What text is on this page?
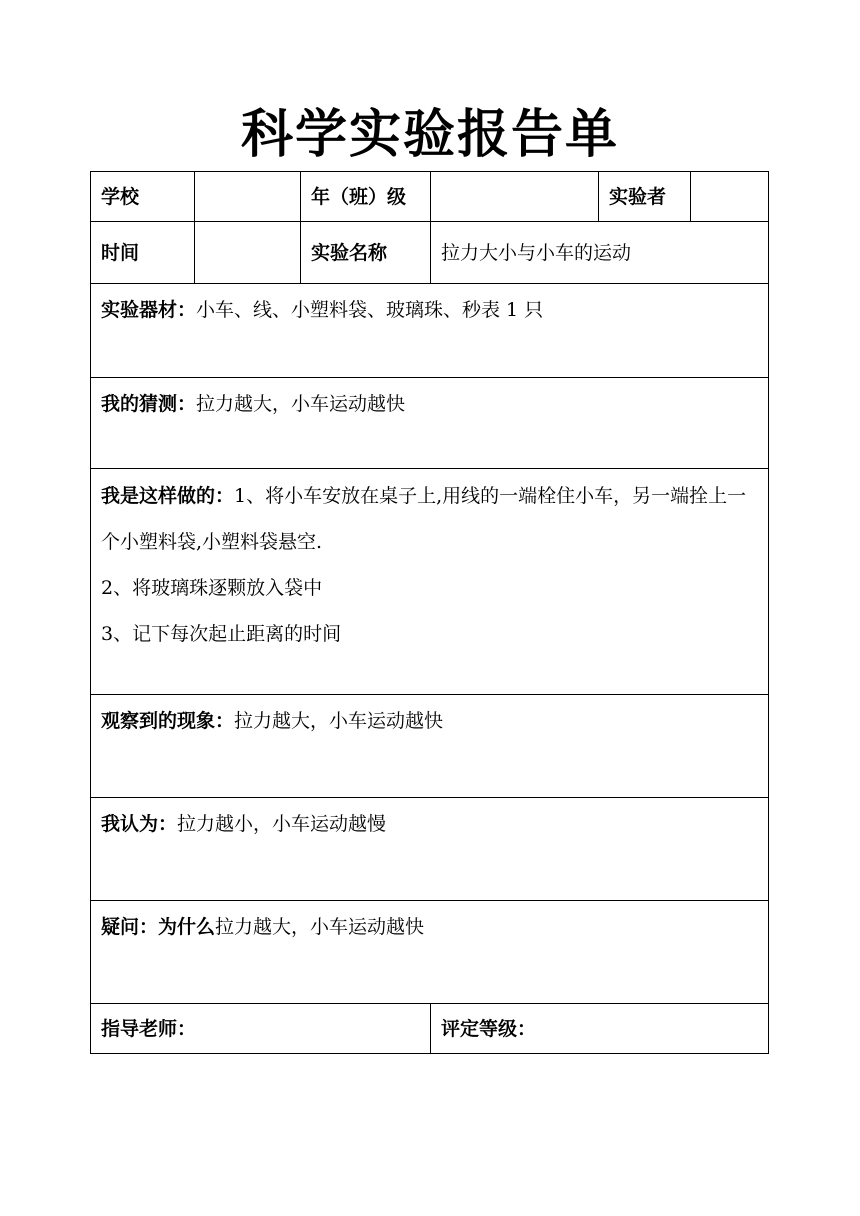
科学实验报告单
学校		年（班）级		实验者	
时间		实验名称	拉力大小与小车的运动		
实验器材：小车、线、小塑料袋、玻璃珠、秒表 1 只					
我的猜测：拉力越大，小车运动越快					

我是这样做的：1、将小车安放在桌子上,用线的一端栓住小车，另一端拴上一个小塑料袋,小塑料袋悬空.
2、将玻璃珠逐颗放入袋中
3、记下每次起止距离的时间					

观察到的现象：拉力越大，小车运动越快					
我认为：拉力越小，小车运动越慢					
疑问：为什么拉力越大，小车运动越快					
指导老师：			评定等级：		
